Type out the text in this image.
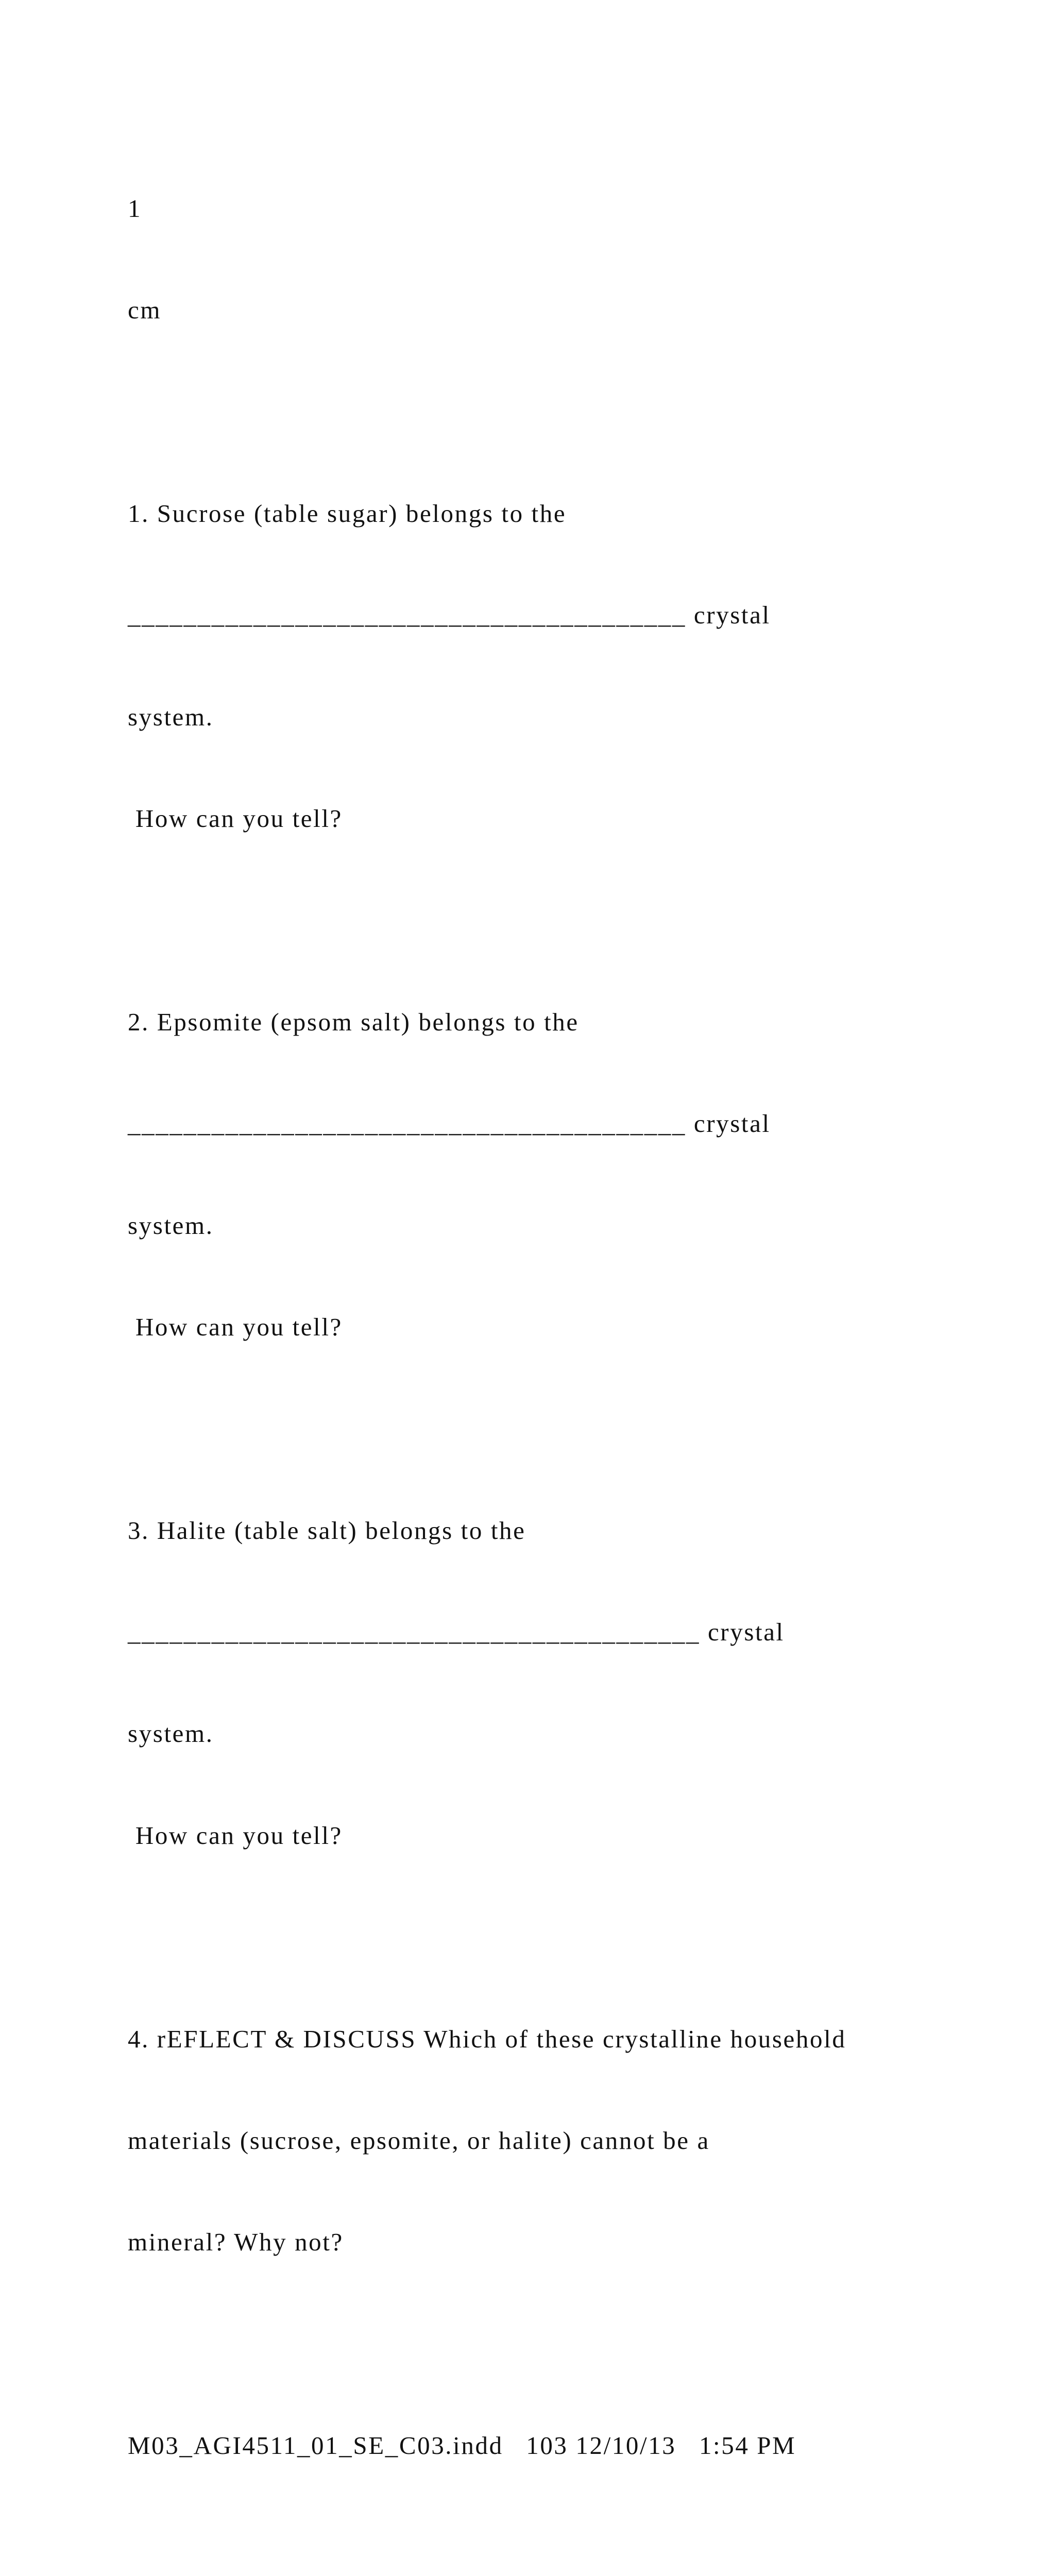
1

cm

1. Sucrose (table sugar) belongs to the

________________________________________ crystal

system.

How can you tell?

2. Epsomite (epsom salt) belongs to the

________________________________________ crystal

system.

How can you tell?

3. Halite (table salt) belongs to the

_________________________________________ crystal

system.

How can you tell?

4. rEFLECT & DISCUSS Which of these crystalline household

materials (sucrose, epsomite, or halite) cannot be a

mineral? Why not?

M03_AGI4511_01_SE_C03.indd   103 12/10/13   1:54 PM
